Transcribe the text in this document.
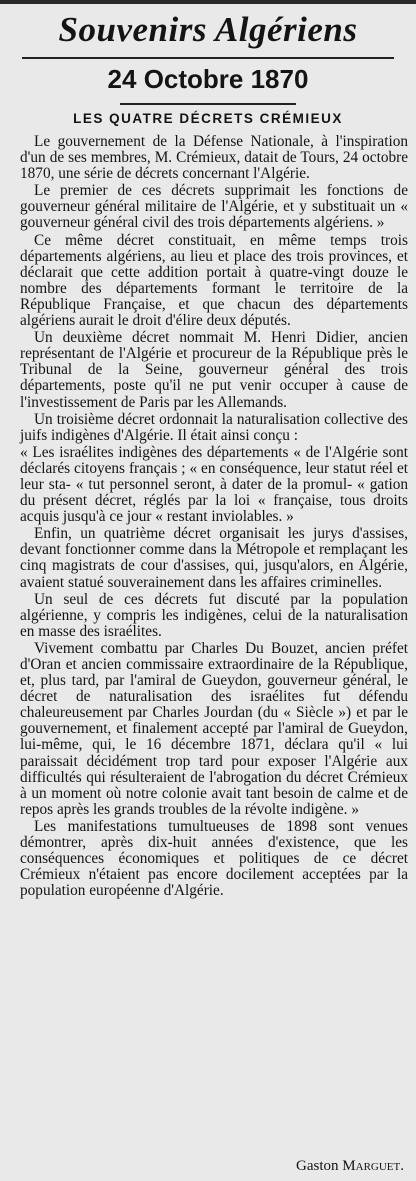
Souvenirs Algériens
24 Octobre 1870
LES QUATRE DÉCRETS CRÉMIEUX

Le gouvernement de la Défense Nationale, à l'inspiration d'un de ses membres, M. Crémieux, datait de Tours, 24 octobre 1870, une série de décrets concernant l'Algérie.

Le premier de ces décrets supprimait les fonctions de gouverneur général militaire de l'Algérie, et y substituait un « gouverneur général civil des trois départements algériens. »

Ce même décret constituait, en même temps trois départements algériens, au lieu et place des trois provinces, et déclarait que cette addition portait à quatre-vingt douze le nombre des départements formant le territoire de la République Française, et que chacun des départements algériens aurait le droit d'élire deux députés.

Un deuxième décret nommait M. Henri Didier, ancien représentant de l'Algérie et procureur de la République près le Tribunal de la Seine, gouverneur général des trois départements, poste qu'il ne put venir occuper à cause de l'investissement de Paris par les Allemands.

Un troisième décret ordonnait la naturalisation collective des juifs indigènes d'Algérie. Il était ainsi conçu :

« Les israélites indigènes des départements « de l'Algérie sont déclarés citoyens français ; « en conséquence, leur statut réel et leur sta- « tut personnel seront, à dater de la promul- « gation du présent décret, réglés par la loi « française, tous droits acquis jusqu'à ce jour « restant inviolables. »

Enfin, un quatrième décret organisait les jurys d'assises, devant fonctionner comme dans la Métropole et remplaçant les cinq magistrats de cour d'assises, qui, jusqu'alors, en Algérie, avaient statué souverainement dans les affaires criminelles.

Un seul de ces décrets fut discuté par la population algérienne, y compris les indigènes, celui de la naturalisation en masse des israélites.

Vivement combattu par Charles Du Bouzet, ancien préfet d'Oran et ancien commissaire extraordinaire de la République, et, plus tard, par l'amiral de Gueydon, gouverneur général, le décret de naturalisation des israélites fut défendu chaleureusement par Charles Jourdan (du « Siècle ») et par le gouvernement, et finalement accepté par l'amiral de Gueydon, lui-même, qui, le 16 décembre 1871, déclara qu'il « lui paraissait décidément trop tard pour exposer l'Algérie aux difficultés qui résulteraient de l'abrogation du décret Crémieux à un moment où notre colonie avait tant besoin de calme et de repos après les grands troubles de la révolte indigène. »

Les manifestations tumultueuses de 1898 sont venues démontrer, après dix-huit années d'existence, que les conséquences économiques et politiques de ce décret Crémieux n'étaient pas encore docilement acceptées par la population européenne d'Algérie.

Gaston Marguet.
